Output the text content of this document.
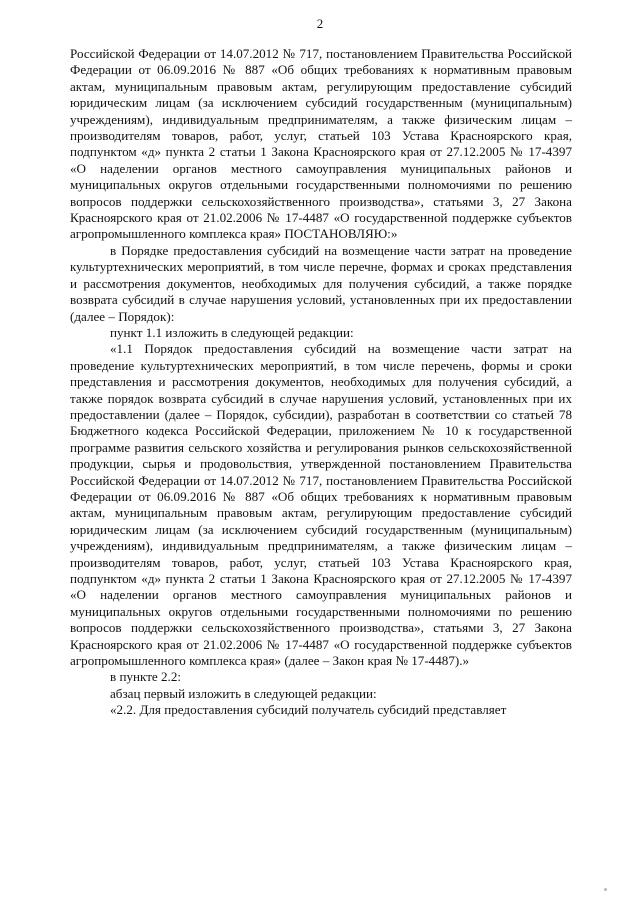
2

Российской Федерации от 14.07.2012 № 717, постановлением Правительства Российской Федерации от 06.09.2016 № 887 «Об общих требованиях к нормативным правовым актам, муниципальным правовым актам, регулирующим предоставление субсидий юридическим лицам (за исключением субсидий государственным (муниципальным) учреждениям), индивидуальным предпринимателям, а также физическим лицам – производителям товаров, работ, услуг, статьей 103 Устава Красноярского края, подпунктом «д» пункта 2 статьи 1 Закона Красноярского края от 27.12.2005 № 17-4397 «О наделении органов местного самоуправления муниципальных районов и муниципальных округов отдельными государственными полномочиями по решению вопросов поддержки сельскохозяйственного производства», статьями 3, 27 Закона Красноярского края от 21.02.2006 № 17-4487 «О государственной поддержке субъектов агропромышленного комплекса края» ПОСТАНОВЛЯЮ:»

в Порядке предоставления субсидий на возмещение части затрат на проведение культуртехнических мероприятий, в том числе перечне, формах и сроках представления и рассмотрения документов, необходимых для получения субсидий, а также порядке возврата субсидий в случае нарушения условий, установленных при их предоставлении (далее – Порядок):

пункт 1.1 изложить в следующей редакции:

«1.1 Порядок предоставления субсидий на возмещение части затрат на проведение культуртехнических мероприятий, в том числе перечень, формы и сроки представления и рассмотрения документов, необходимых для получения субсидий, а также порядок возврата субсидий в случае нарушения условий, установленных при их предоставлении (далее – Порядок, субсидии), разработан в соответствии со статьей 78 Бюджетного кодекса Российской Федерации, приложением № 10 к государственной программе развития сельского хозяйства и регулирования рынков сельскохозяйственной продукции, сырья и продовольствия, утвержденной постановлением Правительства Российской Федерации от 14.07.2012 № 717, постановлением Правительства Российской Федерации от 06.09.2016 № 887 «Об общих требованиях к нормативным правовым актам, муниципальным правовым актам, регулирующим предоставление субсидий юридическим лицам (за исключением субсидий государственным (муниципальным) учреждениям), индивидуальным предпринимателям, а также физическим лицам – производителям товаров, работ, услуг, статьей 103 Устава Красноярского края, подпунктом «д» пункта 2 статьи 1 Закона Красноярского края от 27.12.2005 № 17-4397 «О наделении органов местного самоуправления муниципальных районов и муниципальных округов отдельными государственными полномочиями по решению вопросов поддержки сельскохозяйственного производства», статьями 3, 27 Закона Красноярского края от 21.02.2006 № 17-4487 «О государственной поддержке субъектов агропромышленного комплекса края» (далее – Закон края № 17-4487).»

в пункте 2.2:

абзац первый изложить в следующей редакции:

«2.2. Для предоставления субсидий получатель субсидий представляет
